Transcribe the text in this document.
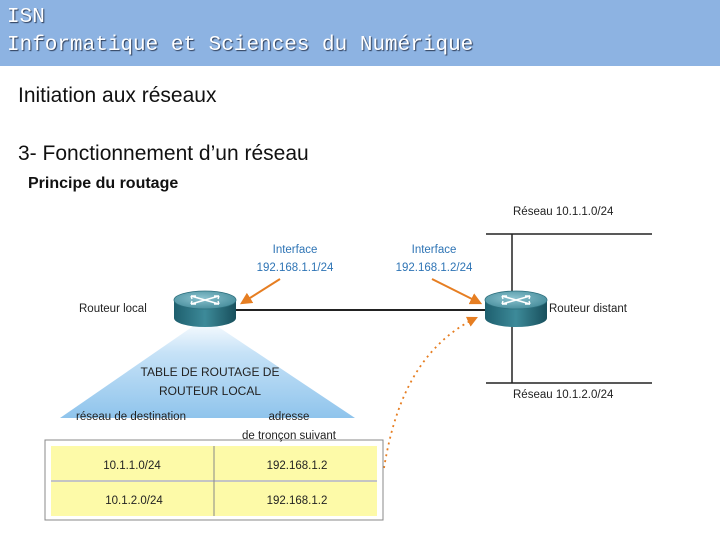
ISN
Informatique et Sciences du Numérique
Initiation aux réseaux
3- Fonctionnement d’un réseau
Principe du routage
Réseau 10.1.1.0/24
Réseau 10.1.2.0/24
Interface
192.168.1.1/24
Interface
192.168.1.2/24
Routeur local	Routeur distant
TABLE DE ROUTAGE DE
ROUTEUR LOCAL
réseau de destination	adresse
de tronçon suivant
10.1.1.0/24	192.168.1.2
10.1.2.0/24	192.168.1.2
